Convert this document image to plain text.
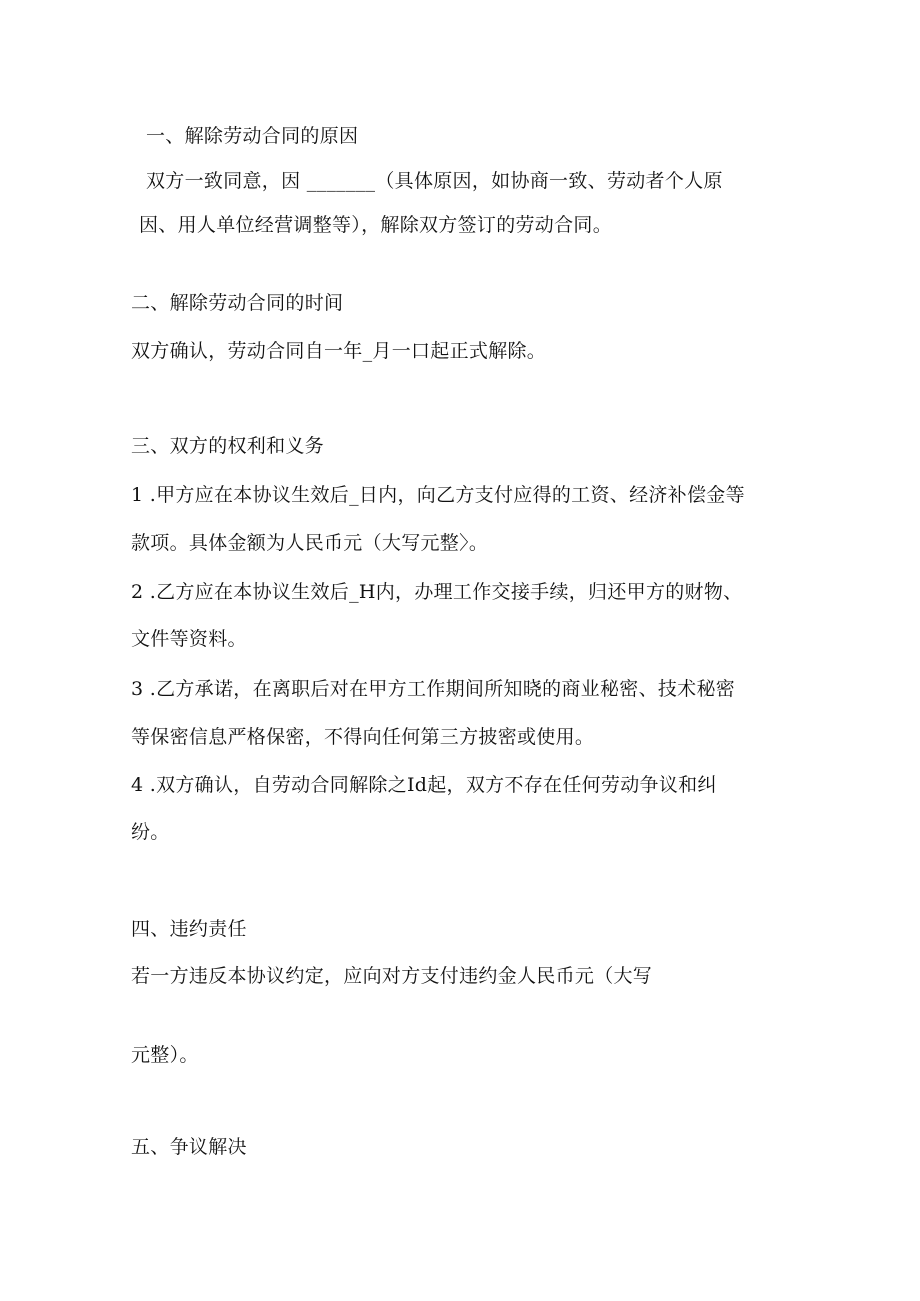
一、解除劳动合同的原因
双方一致同意，因 _______（具体原因，如协商一致、劳动者个人原
因、用人单位经营调整等），解除双方签订的劳动合同。
二、解除劳动合同的时间
双方确认，劳动合同自一年_月一口起正式解除。
三、双方的权利和义务
1 .甲方应在本协议生效后_日内，向乙方支付应得的工资、经济补偿金等
款项。具体金额为人民币元（大写元整〉。
2 .乙方应在本协议生效后_H内，办理工作交接手续，归还甲方的财物、
文件等资料。
3 .乙方承诺，在离职后对在甲方工作期间所知晓的商业秘密、技术秘密
等保密信息严格保密，不得向任何第三方披密或使用。
4 .双方确认，自劳动合同解除之Id起，双方不存在任何劳动争议和纠
纷。
四、违约责任
若一方违反本协议约定，应向对方支付违约金人民币元（大写
元整）。
五、争议解决
